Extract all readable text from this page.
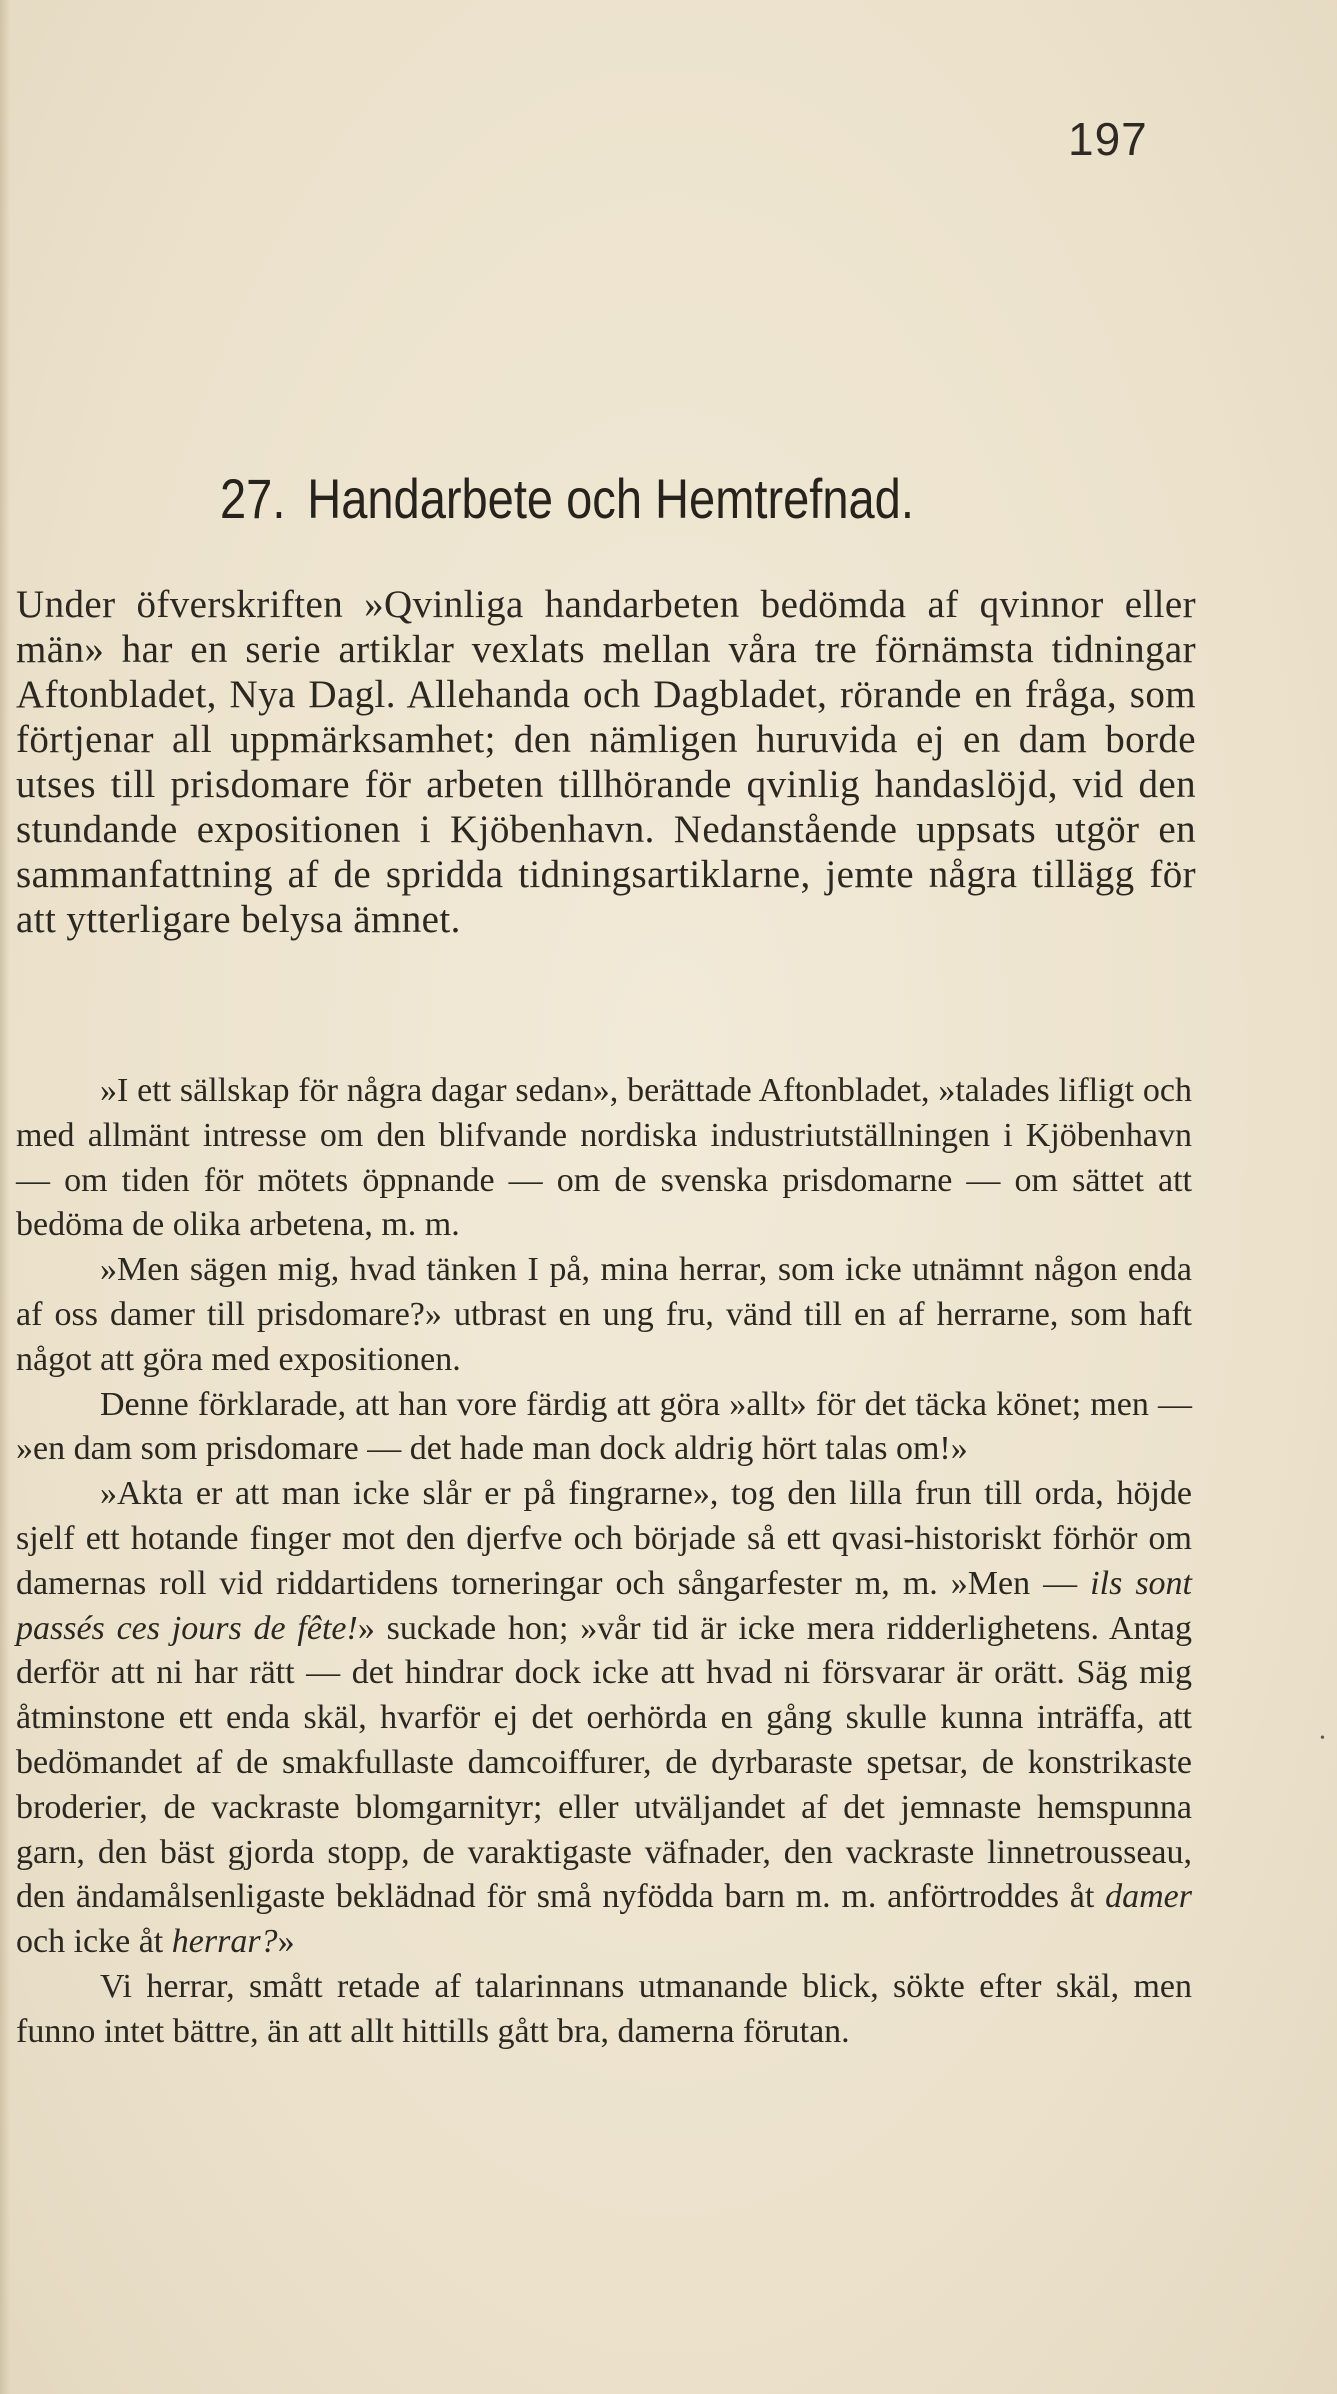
197
27. Handarbete och Hemtrefnad.

Under öfverskriften »Qvinliga handarbeten bedömda af qvinnor eller män» har en serie artiklar vexlats mellan våra tre förnämsta tidningar Aftonbladet, Nya Dagl. Allehanda och Dagbladet, rörande en fråga, som förtjenar all uppmärksamhet; den nämligen huruvida ej en dam borde utses till prisdomare för arbeten tillhörande qvinlig handaslöjd, vid den stundande expositionen i Kjöbenhavn. Nedanstående uppsats utgör en sammanfattning af de spridda tidningsartiklarne, jemte några tillägg för att ytterligare belysa ämnet.

»I ett sällskap för några dagar sedan», berättade Aftonbladet, »talades lifligt och med allmänt intresse om den blifvande nordiska industriutställningen i Kjöbenhavn — om tiden för mötets öppnande — om de svenska prisdomarne — om sättet att bedöma de olika arbetena, m. m.

»Men sägen mig, hvad tänken I på, mina herrar, som icke utnämnt någon enda af oss damer till prisdomare?» utbrast en ung fru, vänd till en af herrarne, som haft något att göra med expositionen.

Denne förklarade, att han vore färdig att göra »allt» för det täcka könet; men — »en dam som prisdomare — det hade man dock aldrig hört talas om!»

»Akta er att man icke slår er på fingrarne», tog den lilla frun till orda, höjde sjelf ett hotande finger mot den djerfve och började så ett qvasi-historiskt förhör om damernas roll vid riddartidens torneringar och sångarfester m, m. »Men — ils sont passés ces jours de fête!» suckade hon; »vår tid är icke mera ridderlighetens. Antag derför att ni har rätt — det hindrar dock icke att hvad ni försvarar är orätt. Säg mig åtminstone ett enda skäl, hvarför ej det oerhörda en gång skulle kunna inträffa, att bedömandet af de smakfullaste damcoiffurer, de dyrbaraste spetsar, de konstrikaste broderier, de vackraste blomgarnityr; eller utväljandet af det jemnaste hemspunna garn, den bäst gjorda stopp, de varaktigaste väfnader, den vackraste linnetrousseau, den ändamålsenligaste beklädnad för små nyfödda barn m. m. anförtroddes åt damer och icke åt herrar?»

Vi herrar, smått retade af talarinnans utmanande blick, sökte efter skäl, men funno intet bättre, än att allt hittills gått bra, damerna förutan.

•
